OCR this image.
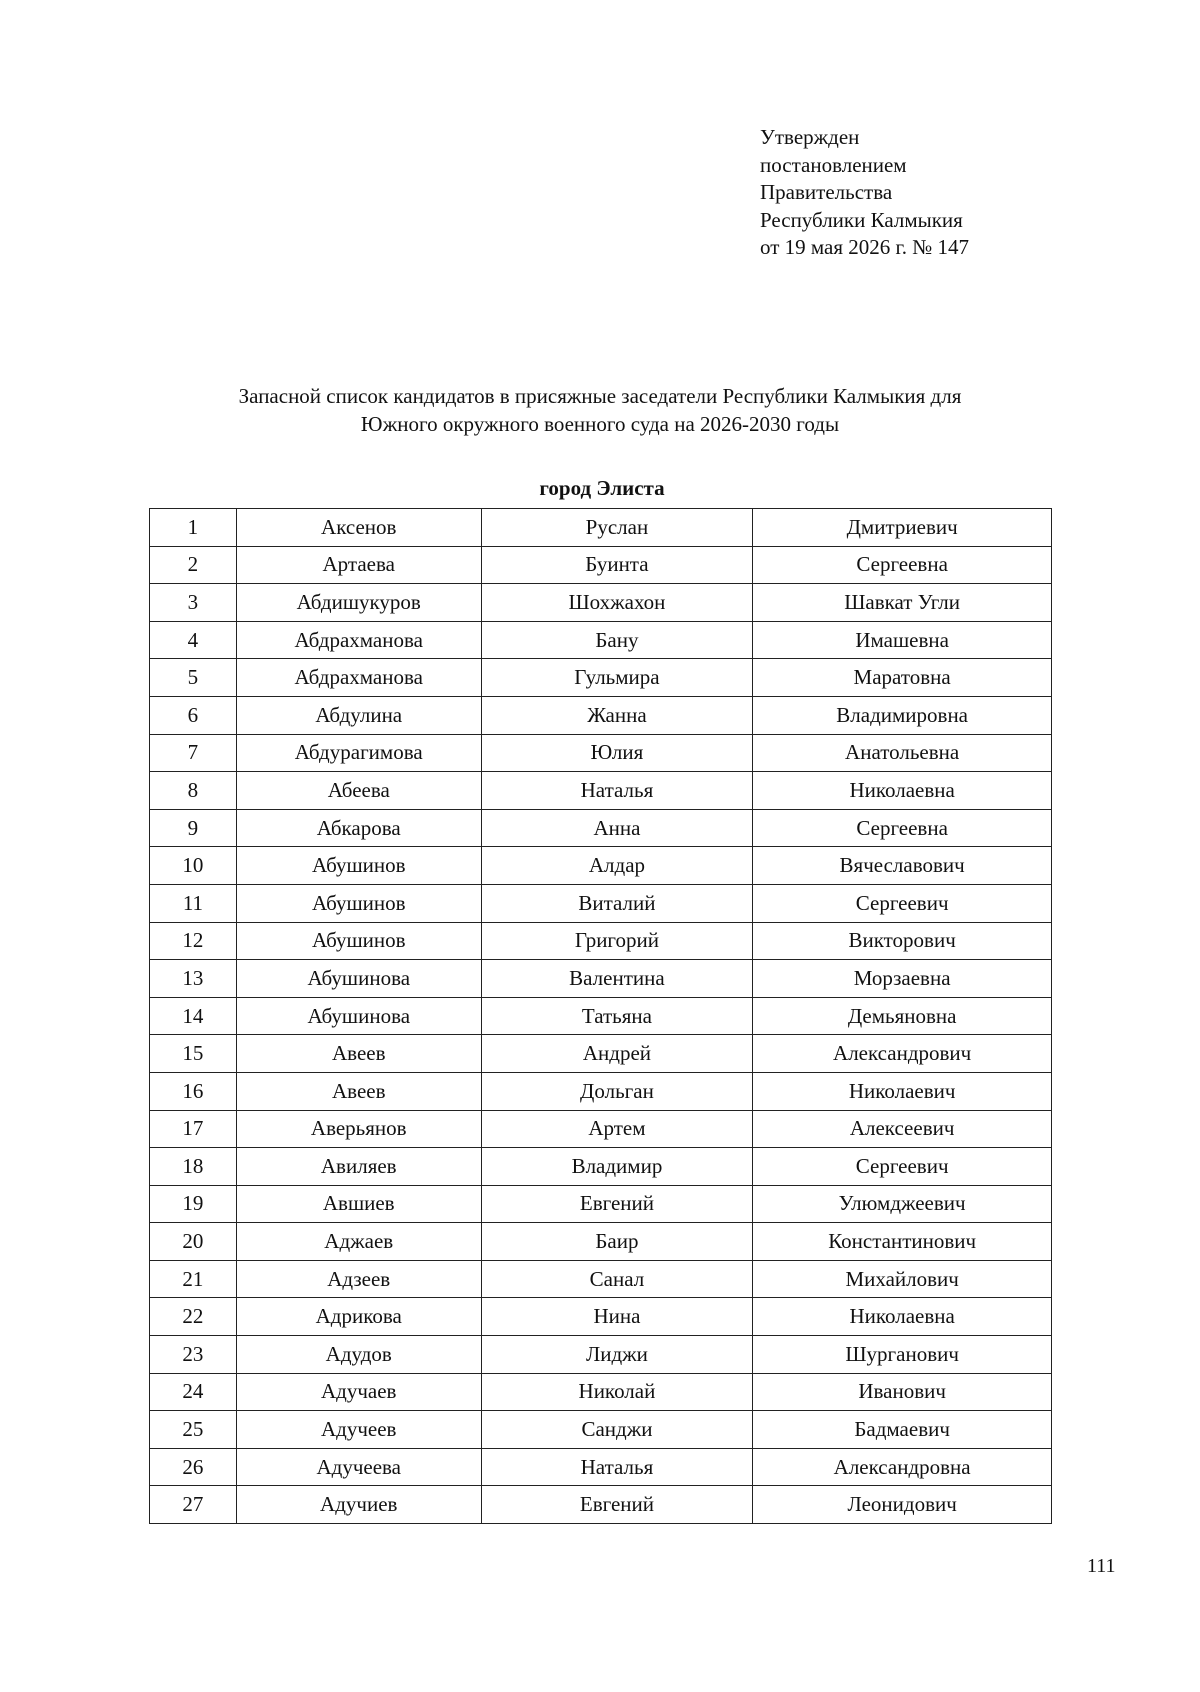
Утвержден
постановлением
Правительства
Республики Калмыкия
от 19 мая 2026 г. № 147
Запасной список кандидатов в присяжные заседатели Республики Калмыкия для
Южного окружного военного суда на 2026-2030 годы
город Элиста
1	Аксенов	Руслан	Дмитриевич
2	Артаева	Буинта	Сергеевна
3	Абдишукуров	Шохжахон	Шавкат Угли
4	Абдрахманова	Бану	Имашевна
5	Абдрахманова	Гульмира	Маратовна
6	Абдулина	Жанна	Владимировна
7	Абдурагимова	Юлия	Анатольевна
8	Абеева	Наталья	Николаевна
9	Абкарова	Анна	Сергеевна
10	Абушинов	Алдар	Вячеславович
11	Абушинов	Виталий	Сергеевич
12	Абушинов	Григорий	Викторович
13	Абушинова	Валентина	Морзаевна
14	Абушинова	Татьяна	Демьяновна
15	Авеев	Андрей	Александрович
16	Авеев	Дольган	Николаевич
17	Аверьянов	Артем	Алексеевич
18	Авиляев	Владимир	Сергеевич
19	Авшиев	Евгений	Улюмджеевич
20	Аджаев	Баир	Константинович
21	Адзеев	Санал	Михайлович
22	Адрикова	Нина	Николаевна
23	Адудов	Лиджи	Шурганович
24	Адучаев	Николай	Иванович
25	Адучеев	Санджи	Бадмаевич
26	Адучеева	Наталья	Александровна
27	Адучиев	Евгений	Леонидович
111
